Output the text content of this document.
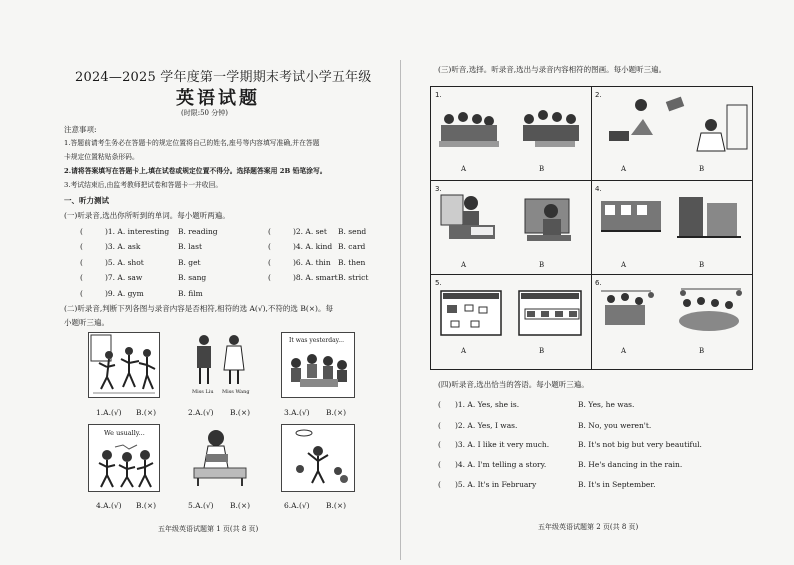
2024—2025 学年度第一学期期末考试小学五年级
英语试题
(时限:50 分钟)
注意事项:
1.答题前请考生务必在答题卡的规定位置将自己的姓名,座号等内容填写准确,并在答题
卡规定位置粘贴条形码。
2.请将答案填写在答题卡上,填在试卷或规定位置不得分。选择题答案用 2B 铅笔涂写。
3.考试结束后,由监考教师把试卷和答题卡一并收回。
一、听力测试
(一)听录音,选出你所听到的单词。每小题听两遍。
(	)1. A. interesting B. reading	(	)2. A. set B. send
(	)3. A. ask	B. last	(	)4. A. kind B. card
(	)5. A. shot	B. get	(	)6. A. thin B. then
(	)7. A. saw	B. sang	(	)8. A. smart B. strict
(	)9. A. gym	B. film
(二)听录音,判断下列各图与录音内容是否相符,相符的选 A(√),不符的选 B(×)。每
小题听三遍。
Miss Liu Miss Wang
It was yesterday...
1.A.(√) B.(×)	2.A.(√) B.(×)	3.A.(√) B.(×)
We usually...
4.A.(√) B.(×)	5.A.(√) B.(×)	6.A.(√) B.(×)
五年级英语试题第 1 页(共 8 页)
(三)听音,选择。听录音,选出与录音内容相符的图画。每小题听三遍。
1.
A	B
2.
A	B
3.
A	B
4.
A	B
5.
A	B
6.
A	B
(四)听录音,选出恰当的答语。每小题听三遍。
( )1. A. Yes, she is.	B. Yes, he was.
( )2. A. Yes, I was.	B. No, you weren't.
( )3. A. I like it very much.	B. It's not big but very beautiful.
( )4. A. I'm telling a story.	B. He's dancing in the rain.
( )5. A. It's in February	B. It's in September.
五年级英语试题第 2 页(共 8 页)
